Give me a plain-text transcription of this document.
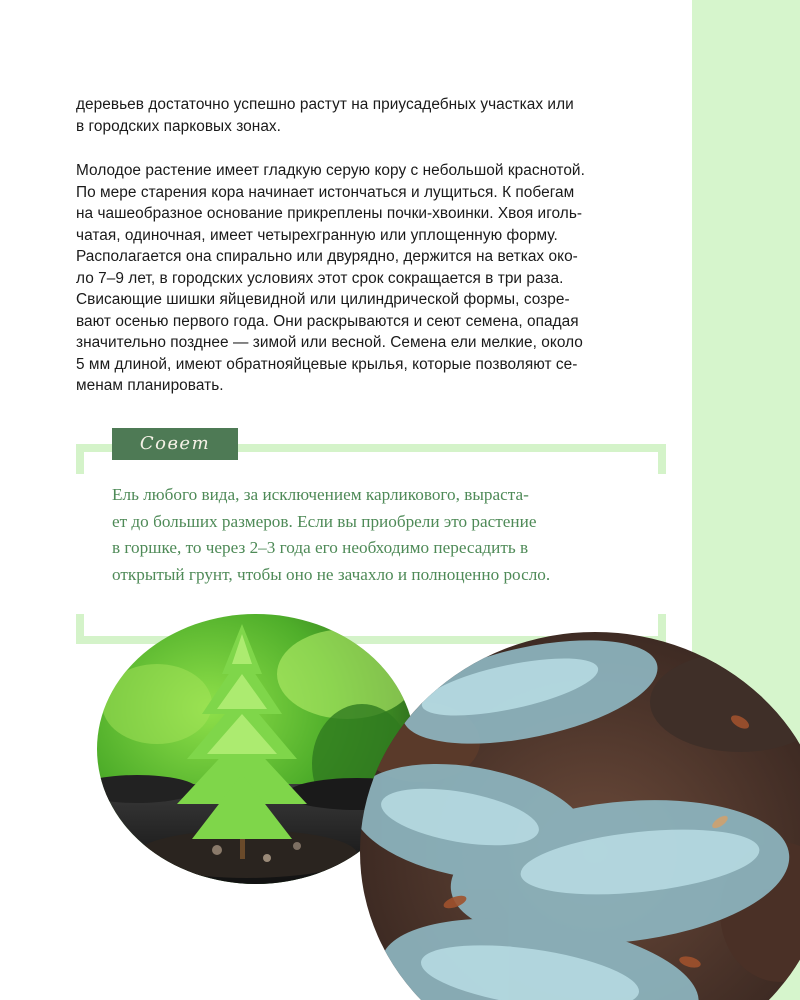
деревьев достаточно успешно растут на приусадебных участках или
в городских парковых зонах.
Молодое растение имеет гладкую серую кору с небольшой краснотой.
По мере старения кора начинает истончаться и лущиться. К побегам
на чашеобразное основание прикреплены почки-хвоинки. Хвоя иголь-
чатая, одиночная, имеет четырехгранную или уплощенную форму.
Располагается она спирально или двурядно, держится на ветках око-
ло 7–9 лет, в городских условиях этот срок сокращается в три раза.
Свисающие шишки яйцевидной или цилиндрической формы, созре-
вают осенью первого года. Они раскрываются и сеют семена, опадая
значительно позднее — зимой или весной. Семена ели мелкие, около
5 мм длиной, имеют обратнояйцевые крылья, которые позволяют се-
менам планировать.
Совет
Ель любого вида, за исключением карликового, выраста-
ет до больших размеров. Если вы приобрели это растение
в горшке, то через 2–3 года его необходимо пересадить в
открытый грунт, чтобы оно не зачахло и полноценно росло.
